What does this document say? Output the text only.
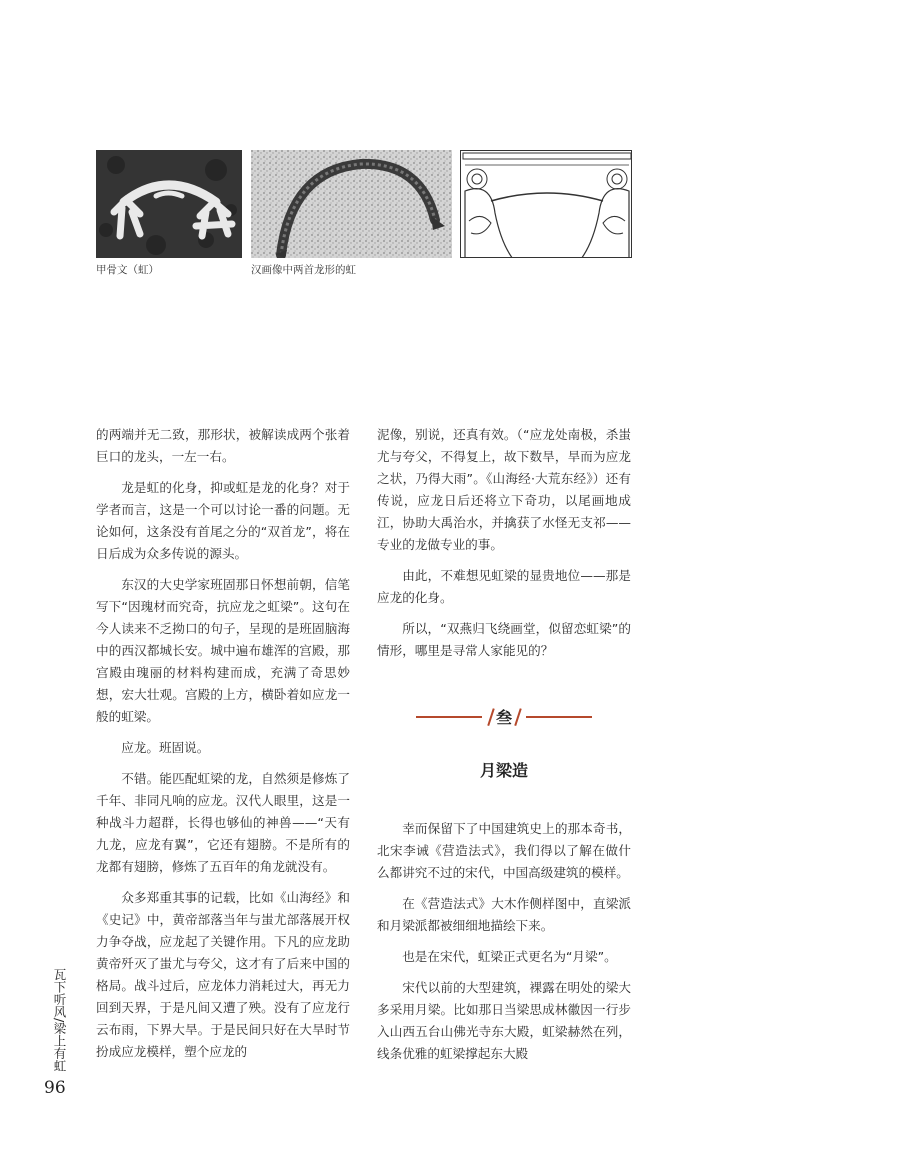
甲骨文（虹）	汉画像中两首龙形的虹

的两端并无二致，那形状，被解读成两个张着巨口的龙头，一左一右。

龙是虹的化身，抑或虹是龙的化身？对于学者而言，这是一个可以讨论一番的问题。无论如何，这条没有首尾之分的“双首龙”，将在日后成为众多传说的源头。

东汉的大史学家班固那日怀想前朝，信笔写下“因瑰材而究奇，抗应龙之虹梁”。这句在今人读来不乏拗口的句子，呈现的是班固脑海中的西汉都城长安。城中遍布雄浑的宫殿，那宫殿由瑰丽的材料构建而成，充满了奇思妙想，宏大壮观。宫殿的上方，横卧着如应龙一般的虹梁。

应龙。班固说。

不错。能匹配虹梁的龙，自然须是修炼了千年、非同凡响的应龙。汉代人眼里，这是一种战斗力超群，长得也够仙的神兽——“天有九龙，应龙有翼”，它还有翅膀。不是所有的龙都有翅膀，修炼了五百年的角龙就没有。

众多郑重其事的记载，比如《山海经》和《史记》中，黄帝部落当年与蚩尤部落展开权力争夺战，应龙起了关键作用。下凡的应龙助黄帝歼灭了蚩尤与夸父，这才有了后来中国的格局。战斗过后，应龙体力消耗过大，再无力回到天界，于是凡间又遭了殃。没有了应龙行云布雨，下界大旱。于是民间只好在大旱时节扮成应龙模样，塑个应龙的

泥像，别说，还真有效。（“应龙处南极，杀蚩尤与夸父，不得复上，故下数旱，旱而为应龙之状，乃得大雨”。《山海经·大荒东经》）还有传说，应龙日后还将立下奇功，以尾画地成江，协助大禹治水，并擒获了水怪无支祁——专业的龙做专业的事。

由此，不难想见虹梁的显贵地位——那是应龙的化身。

所以，“双燕归飞绕画堂，似留恋虹梁”的情形，哪里是寻常人家能见的？

叁
月梁造

幸而保留下了中国建筑史上的那本奇书，北宋李诫《营造法式》，我们得以了解在做什么都讲究不过的宋代，中国高级建筑的模样。

在《营造法式》大木作侧样图中，直梁派和月梁派都被细细地描绘下来。

也是在宋代，虹梁正式更名为“月梁”。

宋代以前的大型建筑，裸露在明处的梁大多采用月梁。比如那日当梁思成林徽因一行步入山西五台山佛光寺东大殿，虹梁赫然在列，线条优雅的虹梁撑起东大殿

瓦下听风/梁上有虹
96
